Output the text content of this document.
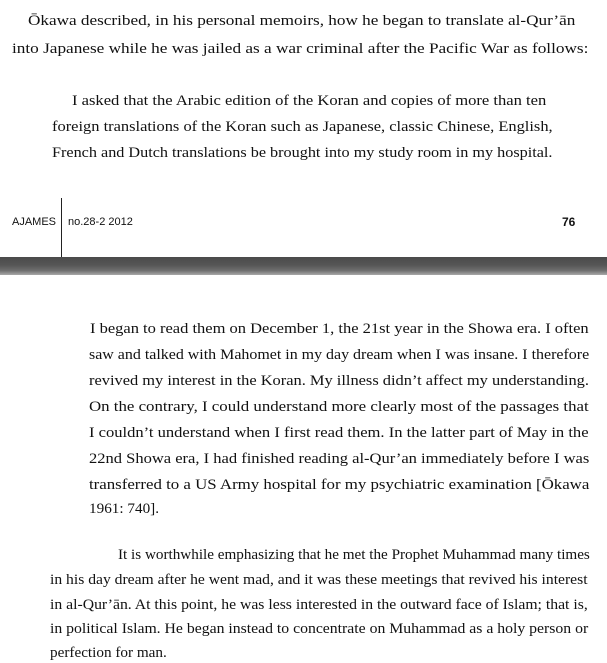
Ōkawa described, in his personal memoirs, how he began to translate al-Qur’ān
into Japanese while he was jailed as a war criminal after the Pacific War as follows:
I asked that the Arabic edition of the Koran and copies of more than ten
foreign translations of the Koran such as Japanese, classic Chinese, English,
French and Dutch translations be brought into my study room in my hospital.
AJAMES no.28-2 2012	76
I began to read them on December 1, the 21st year in the Showa era. I often
saw and talked with Mahomet in my day dream when I was insane. I therefore
revived my interest in the Koran. My illness didn’t affect my understanding.
On the contrary, I could understand more clearly most of the passages that
I couldn’t understand when I first read them. In the latter part of May in the
22nd Showa era, I had finished reading al-Qur’an immediately before I was
transferred to a US Army hospital for my psychiatric examination [Ōkawa
1961: 740].
It is worthwhile emphasizing that he met the Prophet Muhammad many times
in his day dream after he went mad, and it was these meetings that revived his interest
in al-Qur’ān. At this point, he was less interested in the outward face of Islam; that is,
in political Islam. He began instead to concentrate on Muhammad as a holy person or
perfection for man.
